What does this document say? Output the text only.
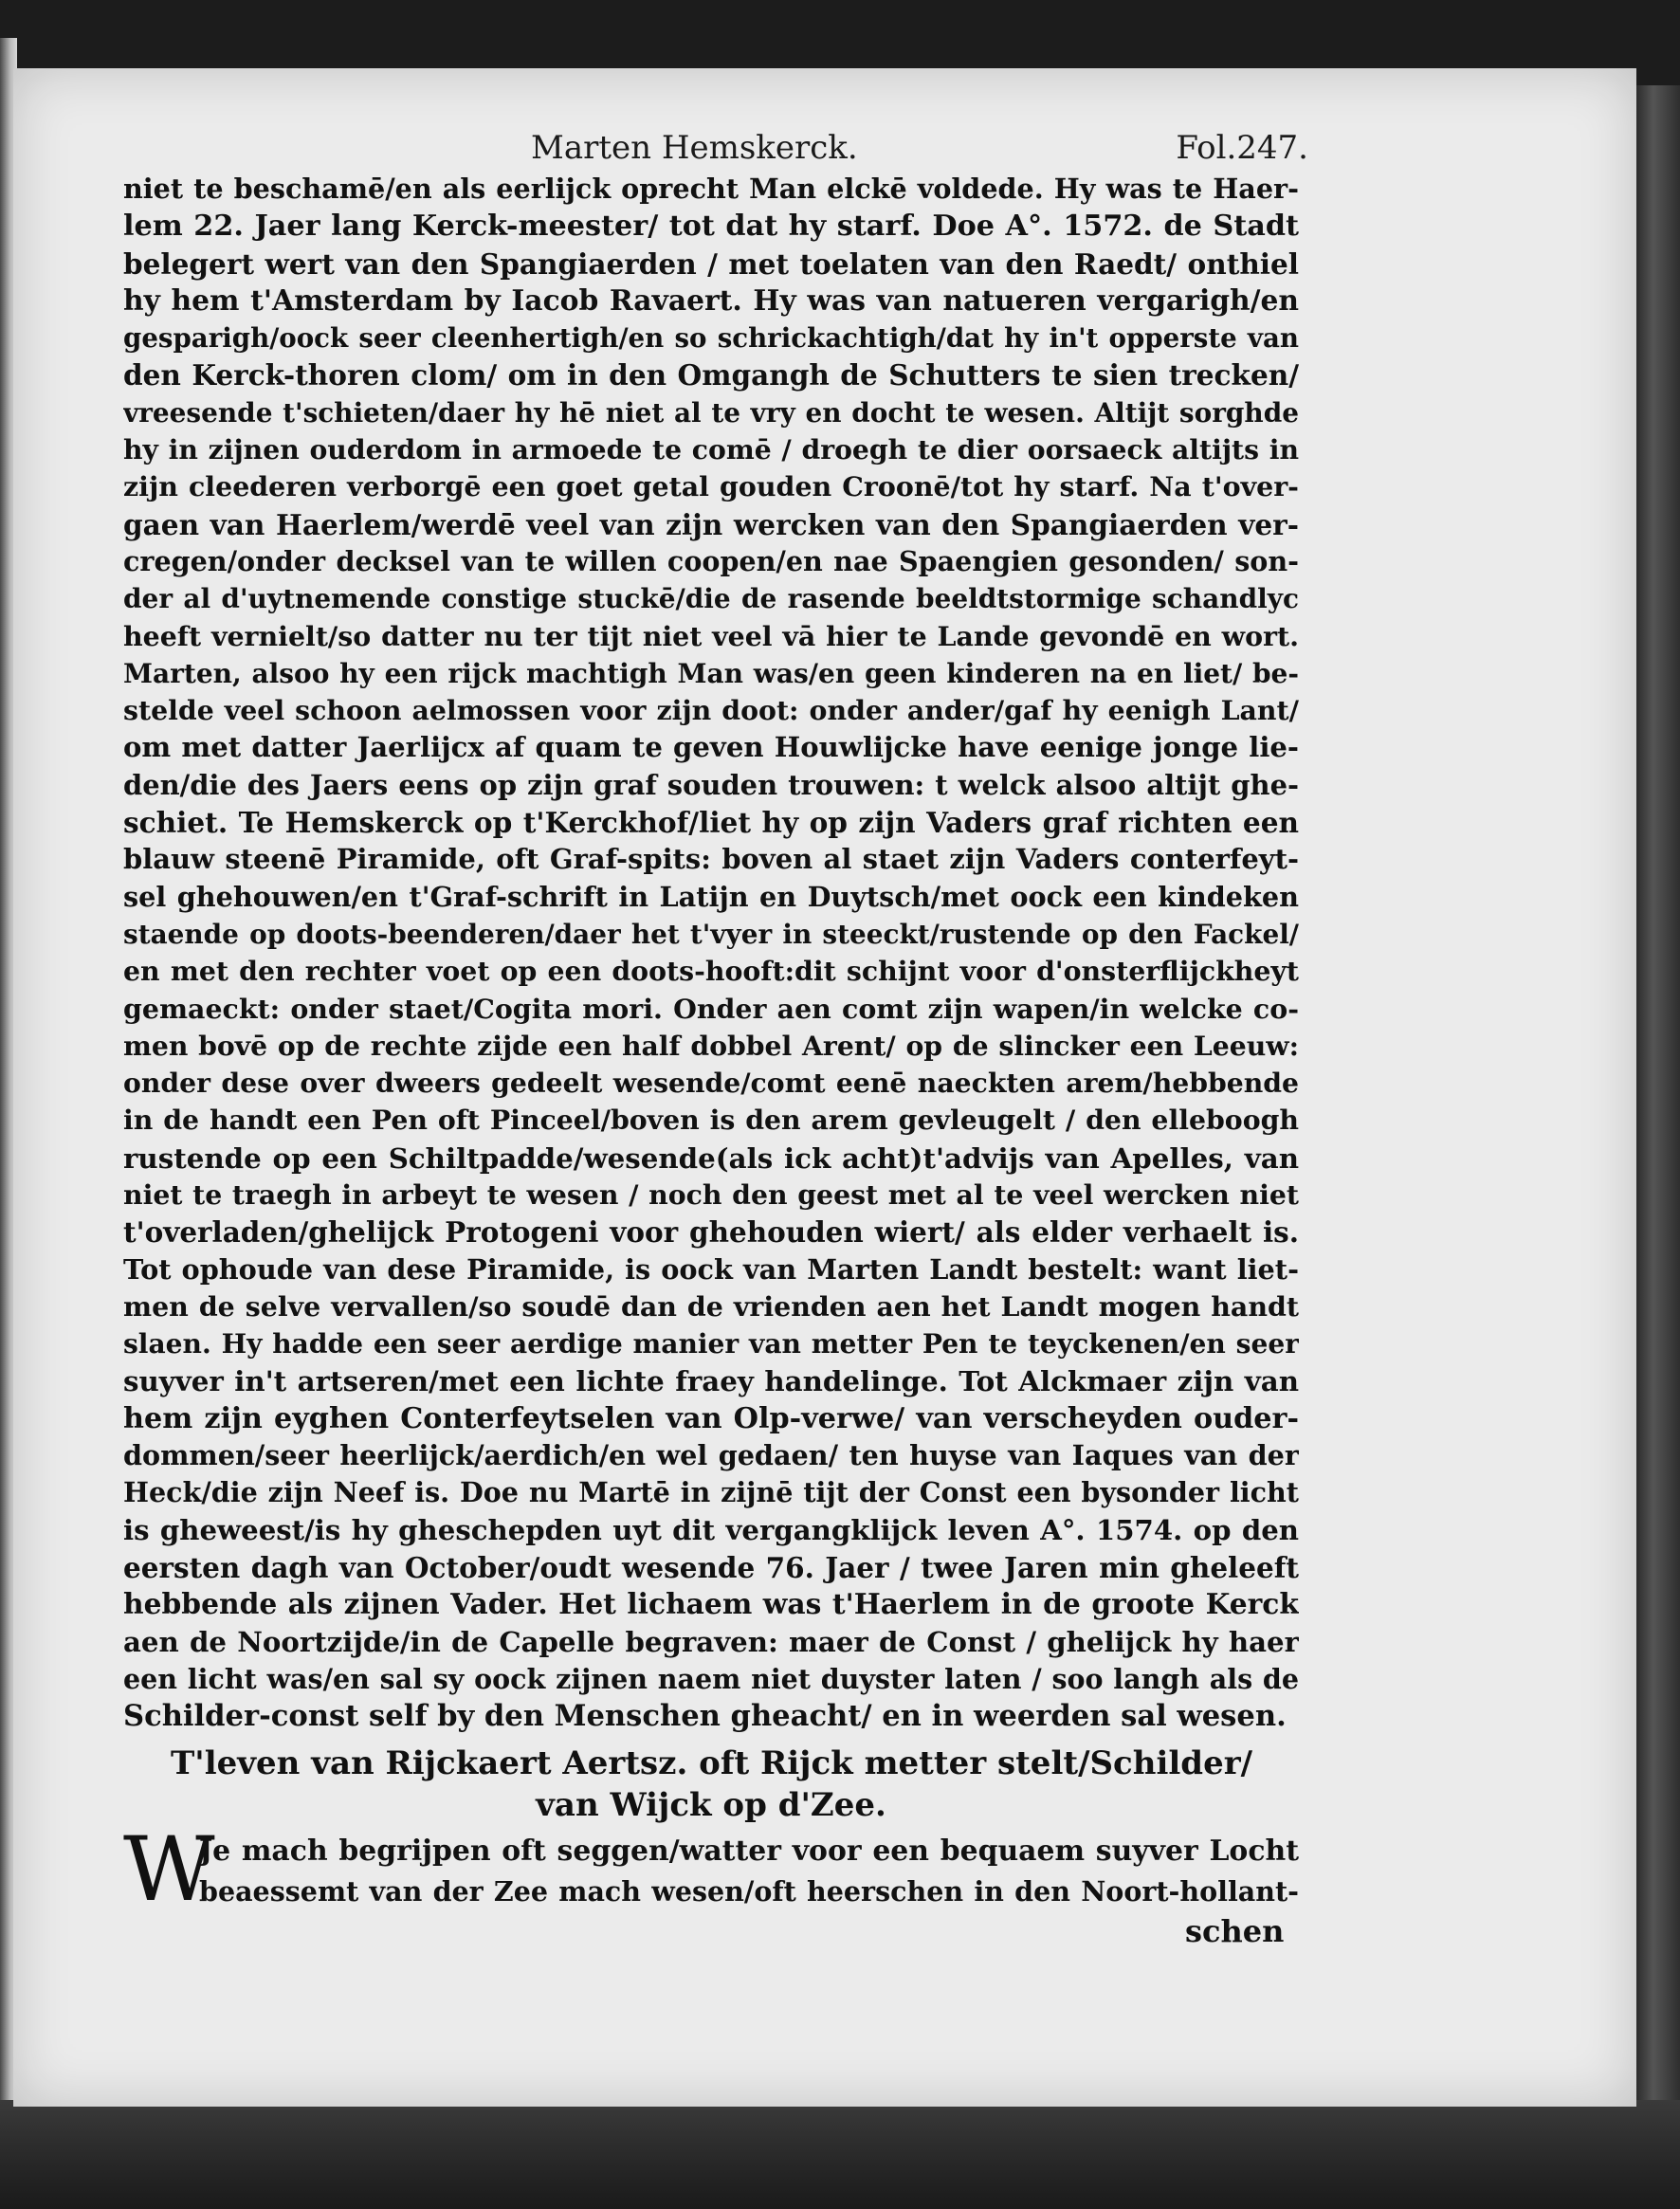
Marten Hemskerck.	Fol.247.
niet te beschamē/en als eerlijck oprecht Man elckē voldede. Hy was te Haer-
lem 22. Jaer lang Kerck-meester/ tot dat hy starf. Doe A°. 1572. de Stadt
belegert wert van den Spangiaerden / met toelaten van den Raedt/ onthiel
hy hem t'Amsterdam by Iacob Ravaert. Hy was van natueren vergarigh/en
gesparigh/oock seer cleenhertigh/en so schrickachtigh/dat hy in't opperste van
den Kerck-thoren clom/ om in den Omgangh de Schutters te sien trecken/
vreesende t'schieten/daer hy hē niet al te vry en docht te wesen. Altijt sorghde
hy in zijnen ouderdom in armoede te comē / droegh te dier oorsaeck altijts in
zijn cleederen verborgē een goet getal gouden Croonē/tot hy starf. Na t'over-
gaen van Haerlem/werdē veel van zijn wercken van den Spangiaerden ver-
cregen/onder decksel van te willen coopen/en nae Spaengien gesonden/ son-
der al d'uytnemende constige stuckē/die de rasende beeldtstormige schandlyc
heeft vernielt/so datter nu ter tijt niet veel vā hier te Lande gevondē en wort.
Marten, alsoo hy een rijck machtigh Man was/en geen kinderen na en liet/ be-
stelde veel schoon aelmossen voor zijn doot: onder ander/gaf hy eenigh Lant/
om met datter Jaerlijcx af quam te geven Houwlijcke have eenige jonge lie-
den/die des Jaers eens op zijn graf souden trouwen: t welck alsoo altijt ghe-
schiet. Te Hemskerck op t'Kerckhof/liet hy op zijn Vaders graf richten een
blauw steenē Piramide, oft Graf-spits: boven al staet zijn Vaders conterfeyt-
sel ghehouwen/en t'Graf-schrift in Latijn en Duytsch/met oock een kindeken
staende op doots-beenderen/daer het t'vyer in steeckt/rustende op den Fackel/
en met den rechter voet op een doots-hooft:dit schijnt voor d'onsterflijckheyt
gemaeckt: onder staet/Cogita mori. Onder aen comt zijn wapen/in welcke co-
men bovē op de rechte zijde een half dobbel Arent/ op de slincker een Leeuw:
onder dese over dweers gedeelt wesende/comt eenē naeckten arem/hebbende
in de handt een Pen oft Pinceel/boven is den arem gevleugelt / den elleboogh
rustende op een Schiltpadde/wesende(als ick acht)t'advijs van Apelles, van
niet te traegh in arbeyt te wesen / noch den geest met al te veel wercken niet
t'overladen/ghelijck Protogeni voor ghehouden wiert/ als elder verhaelt is.
Tot ophoude van dese Piramide, is oock van Marten Landt bestelt: want liet-
men de selve vervallen/so soudē dan de vrienden aen het Landt mogen handt
slaen. Hy hadde een seer aerdige manier van metter Pen te teyckenen/en seer
suyver in't artseren/met een lichte fraey handelinge. Tot Alckmaer zijn van
hem zijn eyghen Conterfeytselen van Olp-verwe/ van verscheyden ouder-
dommen/seer heerlijck/aerdich/en wel gedaen/ ten huyse van Iaques van der
Heck/die zijn Neef is. Doe nu Martē in zijnē tijt der Const een bysonder licht
is gheweest/is hy gheschepden uyt dit vergangklijck leven A°. 1574. op den
eersten dagh van October/oudt wesende 76. Jaer / twee Jaren min gheleeft
hebbende als zijnen Vader. Het lichaem was t'Haerlem in de groote Kerck
aen de Noortzijde/in de Capelle begraven: maer de Const / ghelijck hy haer
een licht was/en sal sy oock zijnen naem niet duyster laten / soo langh als de
Schilder-const self by den Menschen gheacht/ en in weerden sal wesen.
T'leven van Rijckaert Aertsz. oft Rijck metter stelt/Schilder/
van Wijck op d'Zee.
W
Je mach begrijpen oft seggen/watter voor een bequaem suyver Locht
beaessemt van der Zee mach wesen/oft heerschen in den Noort-hollant-
schen
